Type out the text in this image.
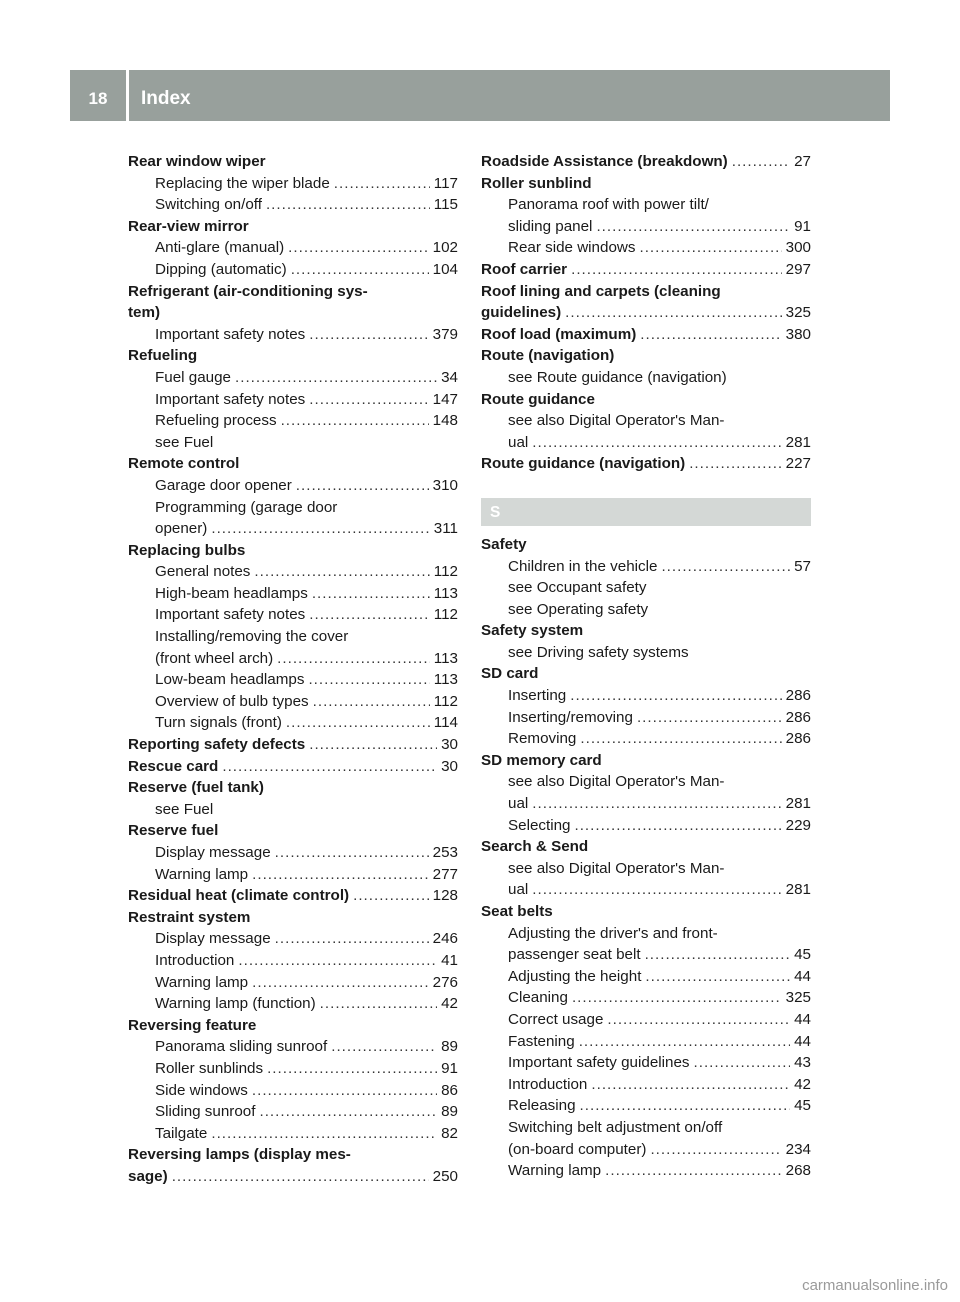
18	Index
Rear window wiper
Replacing the wiper blade .....	117
Switching on/off .....	115
Rear-view mirror
Anti-glare (manual) .....	102
Dipping (automatic) .....	104
Refrigerant (air-conditioning sys-
tem)
Important safety notes .....	379
Refueling
Fuel gauge .....	34
Important safety notes .....	147
Refueling process .....	148
see Fuel
Remote control
Garage door opener .....	310
Programming (garage door
opener) .....	311
Replacing bulbs
General notes .....	112
High-beam headlamps .....	113
Important safety notes .....	112
Installing/removing the cover
(front wheel arch) .....	113
Low-beam headlamps .....	113
Overview of bulb types .....	112
Turn signals (front) .....	114
Reporting safety defects .....	30
Rescue card .....	30
Reserve (fuel tank)
see Fuel
Reserve fuel
Display message .....	253
Warning lamp .....	277
Residual heat (climate control) .....	128
Restraint system
Display message .....	246
Introduction .....	41
Warning lamp .....	276
Warning lamp (function) .....	42
Reversing feature
Panorama sliding sunroof .....	89
Roller sunblinds .....	91
Side windows .....	86
Sliding sunroof .....	89
Tailgate .....	82
Reversing lamps (display mes-
sage) .....	250
Roadside Assistance (breakdown) .....	27
Roller sunblind
Panorama roof with power tilt/
sliding panel .....	91
Rear side windows .....	300
Roof carrier .....	297
Roof lining and carpets (cleaning
guidelines) .....	325
Roof load (maximum) .....	380
Route (navigation)
see Route guidance (navigation)
Route guidance
see also Digital Operator's Man-
ual .....	281
Route guidance (navigation) .....	227
S
Safety
Children in the vehicle .....	57
see Occupant safety
see Operating safety
Safety system
see Driving safety systems
SD card
Inserting .....	286
Inserting/removing .....	286
Removing .....	286
SD memory card
see also Digital Operator's Man-
ual .....	281
Selecting .....	229
Search & Send
see also Digital Operator's Man-
ual .....	281
Seat belts
Adjusting the driver's and front-
passenger seat belt .....	45
Adjusting the height .....	44
Cleaning .....	325
Correct usage .....	44
Fastening .....	44
Important safety guidelines .....	43
Introduction .....	42
Releasing .....	45
Switching belt adjustment on/off
(on-board computer) .....	234
Warning lamp .....	268
carmanualsonline.info
